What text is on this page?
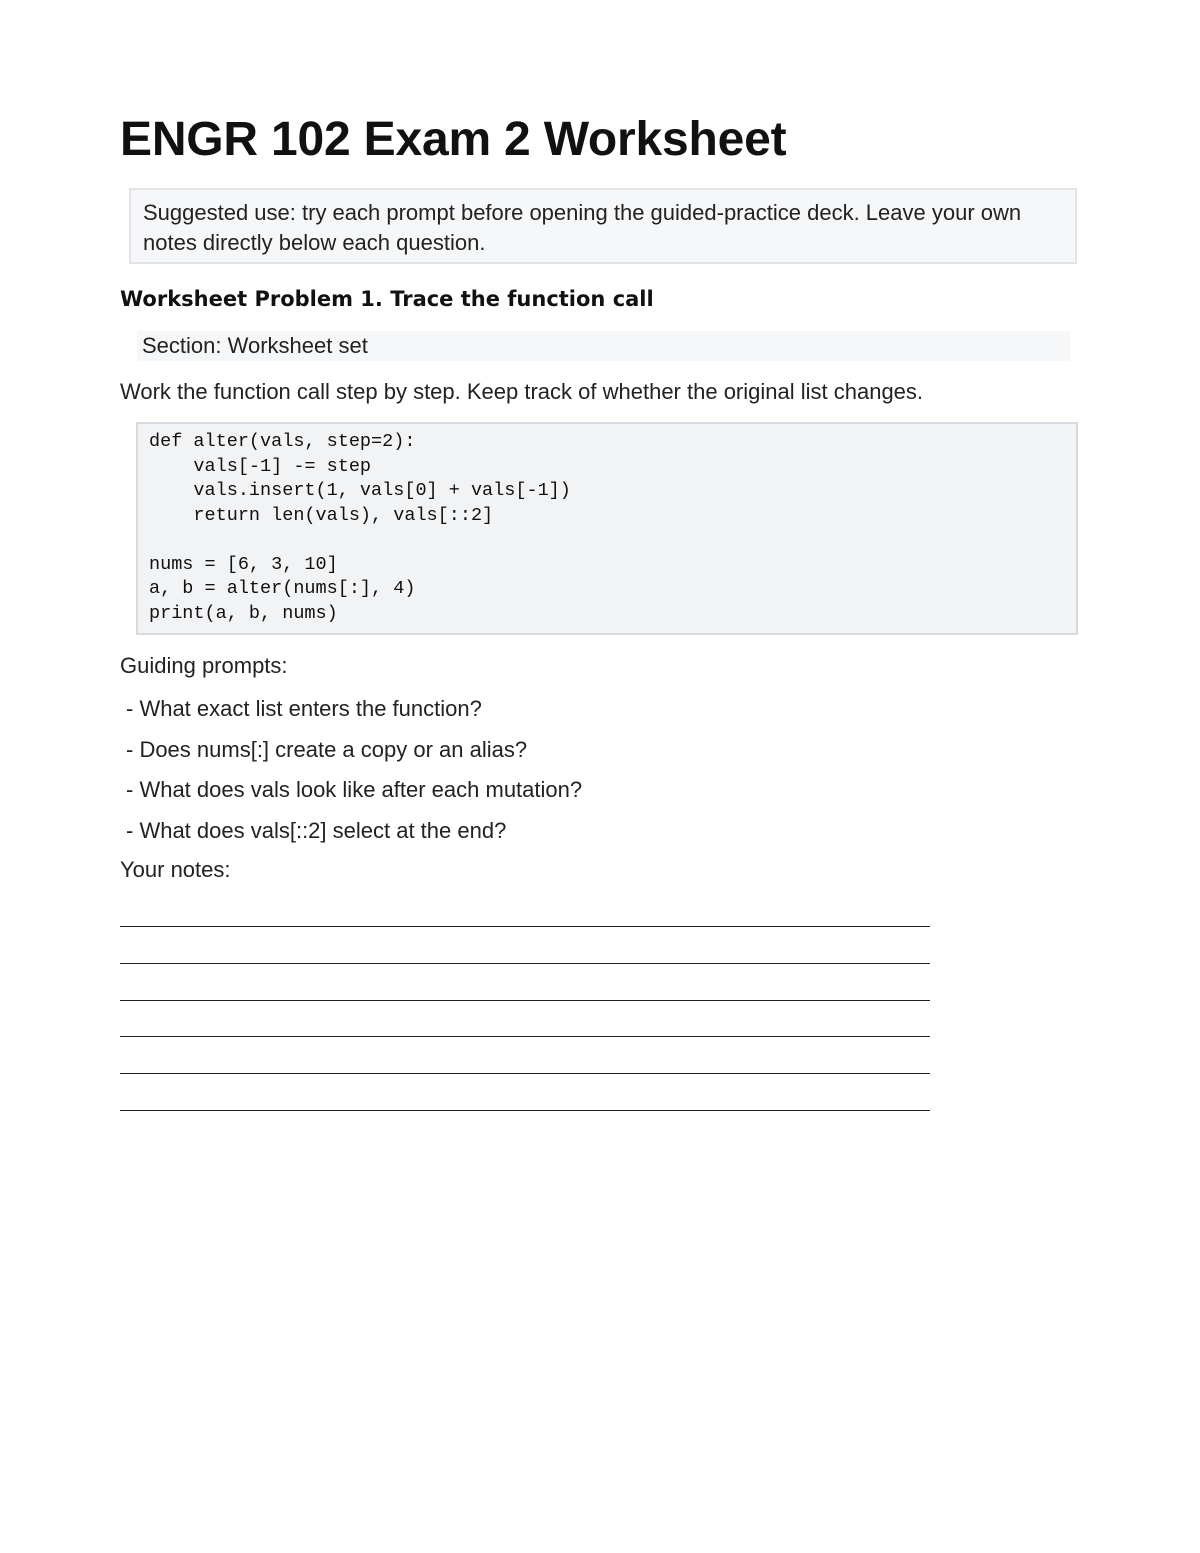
ENGR 102 Exam 2 Worksheet
Suggested use: try each prompt before opening the guided-practice deck. Leave your own notes directly below each question.
Worksheet Problem 1. Trace the function call
Section: Worksheet set
Work the function call step by step. Keep track of whether the original list changes.
def alter(vals, step=2):
vals[-1] -= step
vals.insert(1, vals[0] + vals[-1])
return len(vals), vals[::2]
nums = [6, 3, 10]
a, b = alter(nums[:], 4)
print(a, b, nums)
Guiding prompts:
- What exact list enters the function?
- Does nums[:] create a copy or an alias?
- What does vals look like after each mutation?
- What does vals[::2] select at the end?
Your notes:
